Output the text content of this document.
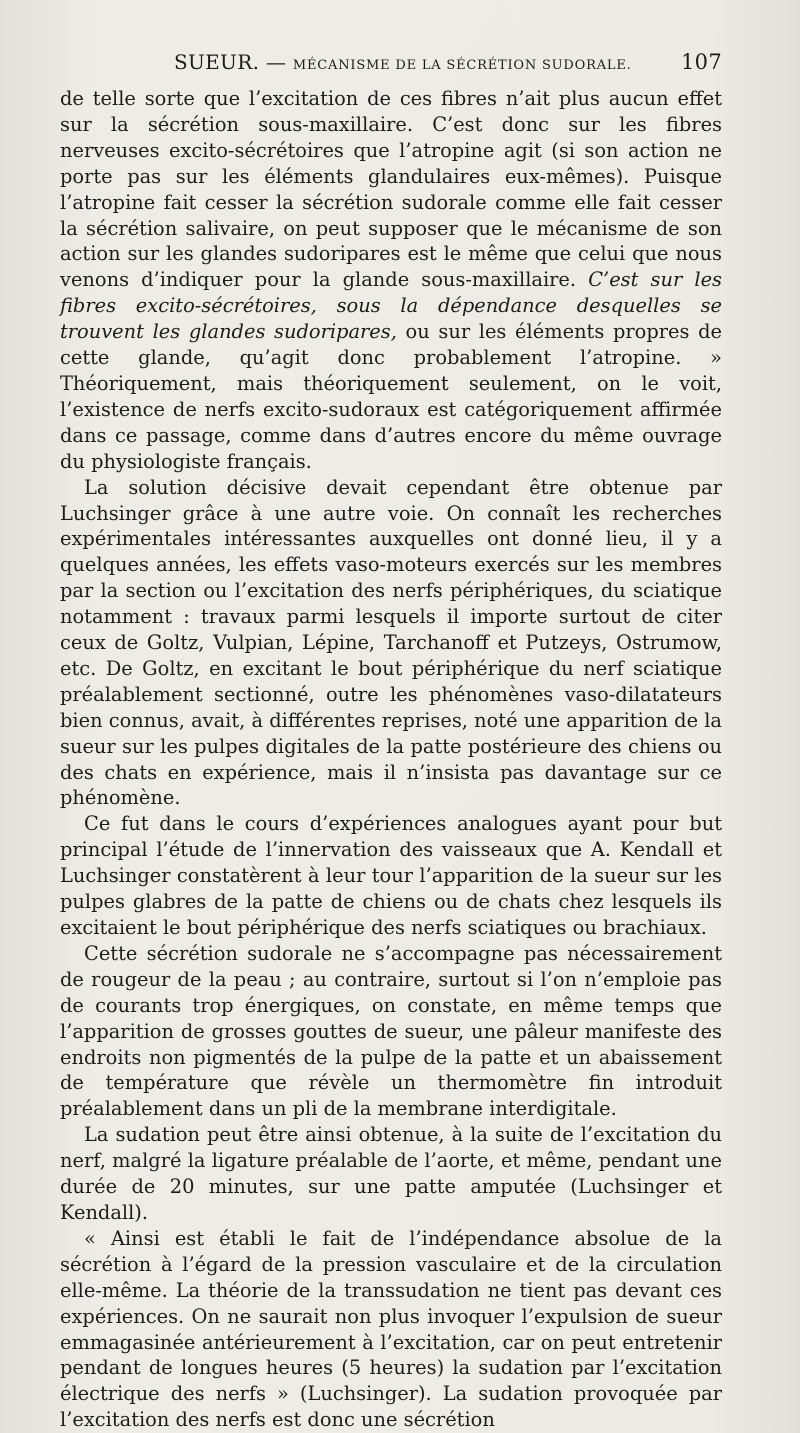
SUEUR. — MÉCANISME DE LA SÉCRÉTION SUDORALE. 107

de telle sorte que l’excitation de ces fibres n’ait plus aucun effet sur la sécrétion sous-maxillaire. C’est donc sur les fibres nerveuses excito-sécrétoires que l’atropine agit (si son action ne porte pas sur les éléments glandulaires eux-mêmes). Puisque l’atropine fait cesser la sécrétion sudorale comme elle fait cesser la sécrétion salivaire, on peut supposer que le mécanisme de son action sur les glandes sudoripares est le même que celui que nous venons d’indiquer pour la glande sous-maxillaire. C’est sur les fibres excito-sécrétoires, sous la dépendance desquelles se trouvent les glandes sudoripares, ou sur les éléments propres de cette glande, qu’agit donc probablement l’atropine. » Théoriquement, mais théoriquement seulement, on le voit, l’existence de nerfs excito-sudoraux est catégoriquement affirmée dans ce passage, comme dans d’autres encore du même ouvrage du physiologiste français.

La solution décisive devait cependant être obtenue par Luchsinger grâce à une autre voie. On connaît les recherches expérimentales intéressantes auxquelles ont donné lieu, il y a quelques années, les effets vaso-moteurs exercés sur les membres par la section ou l’excitation des nerfs périphériques, du sciatique notamment : travaux parmi lesquels il importe surtout de citer ceux de Goltz, Vulpian, Lépine, Tarchanoff et Putzeys, Ostrumow, etc. De Goltz, en excitant le bout périphérique du nerf sciatique préalablement sectionné, outre les phénomènes vaso-dilatateurs bien connus, avait, à différentes reprises, noté une apparition de la sueur sur les pulpes digitales de la patte postérieure des chiens ou des chats en expérience, mais il n’insista pas davantage sur ce phénomène.

Ce fut dans le cours d’expériences analogues ayant pour but principal l’étude de l’innervation des vaisseaux que A. Kendall et Luchsinger constatèrent à leur tour l’apparition de la sueur sur les pulpes glabres de la patte de chiens ou de chats chez lesquels ils excitaient le bout périphérique des nerfs sciatiques ou brachiaux.

Cette sécrétion sudorale ne s’accompagne pas nécessairement de rougeur de la peau ; au contraire, surtout si l’on n’emploie pas de courants trop énergiques, on constate, en même temps que l’apparition de grosses gouttes de sueur, une pâleur manifeste des endroits non pigmentés de la pulpe de la patte et un abaissement de température que révèle un thermomètre fin introduit préalablement dans un pli de la membrane interdigitale.

La sudation peut être ainsi obtenue, à la suite de l’excitation du nerf, malgré la ligature préalable de l’aorte, et même, pendant une durée de 20 minutes, sur une patte amputée (Luchsinger et Kendall).

« Ainsi est établi le fait de l’indépendance absolue de la sécrétion à l’égard de la pression vasculaire et de la circulation elle-même. La théorie de la transsudation ne tient pas devant ces expériences. On ne saurait non plus invoquer l’expulsion de sueur emmagasinée antérieurement à l’excitation, car on peut entretenir pendant de longues heures (5 heures) la sudation par l’excitation électrique des nerfs » (Luchsinger). La sudation provoquée par l’excitation des nerfs est donc une sécrétion
